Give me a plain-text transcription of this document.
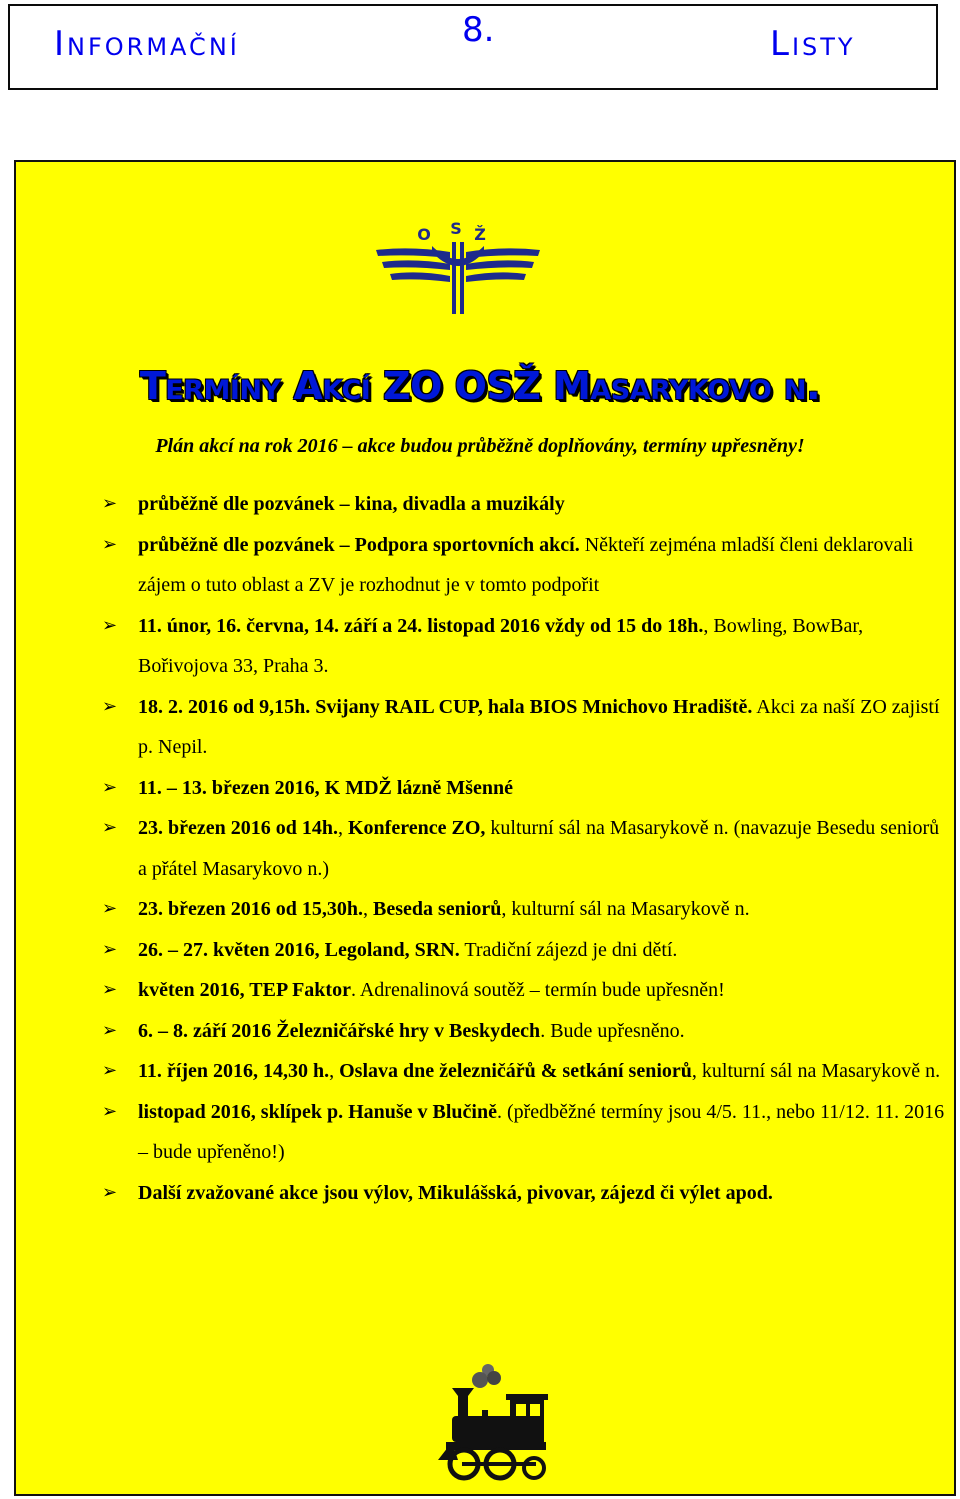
Informační	8.	Listy
O S Ž
Termíny Akcí ZO OSŽ Masarykovo n.
Plán akcí na rok 2016 – akce budou průběžně doplňovány, termíny upřesněny!
➢ průběžně dle pozvánek – kina, divadla a muzikály
➢ průběžně dle pozvánek – Podpora sportovních akcí. Někteří zejména mladší členi deklarovali zájem o tuto oblast a ZV je rozhodnut je v tomto podpořit
➢ 11. únor, 16. června, 14. září a 24. listopad 2016 vždy od 15 do 18h., Bowling, BowBar, Bořivojova 33, Praha 3.
➢ 18. 2. 2016 od 9,15h. Svijany RAIL CUP, hala BIOS Mnichovo Hradiště. Akci za naší ZO zajistí p. Nepil.
➢ 11. – 13. březen 2016, K MDŽ lázně Mšenné
➢ 23. březen 2016 od 14h., Konference ZO, kulturní sál na Masarykově n. (navazuje Besedu seniorů a přátel Masarykovo n.)
➢ 23. březen 2016 od 15,30h., Beseda seniorů, kulturní sál na Masarykově n.
➢ 26. – 27. květen 2016, Legoland, SRN. Tradiční zájezd je dni dětí.
➢ květen 2016, TEP Faktor. Adrenalinová soutěž – termín bude upřesněn!
➢ 6. – 8. září 2016 Železničářské hry v Beskydech. Bude upřesněno.
➢ 11. říjen 2016, 14,30 h., Oslava dne železničářů & setkání seniorů, kulturní sál na Masarykově n.
➢ listopad 2016, sklípek p. Hanuše v Blučině. (předběžné termíny jsou 4/5. 11., nebo 11/12. 11. 2016 – bude upřeněno!)
➢ Další zvažované akce jsou výlov, Mikulášská, pivovar, zájezd či výlet apod.
